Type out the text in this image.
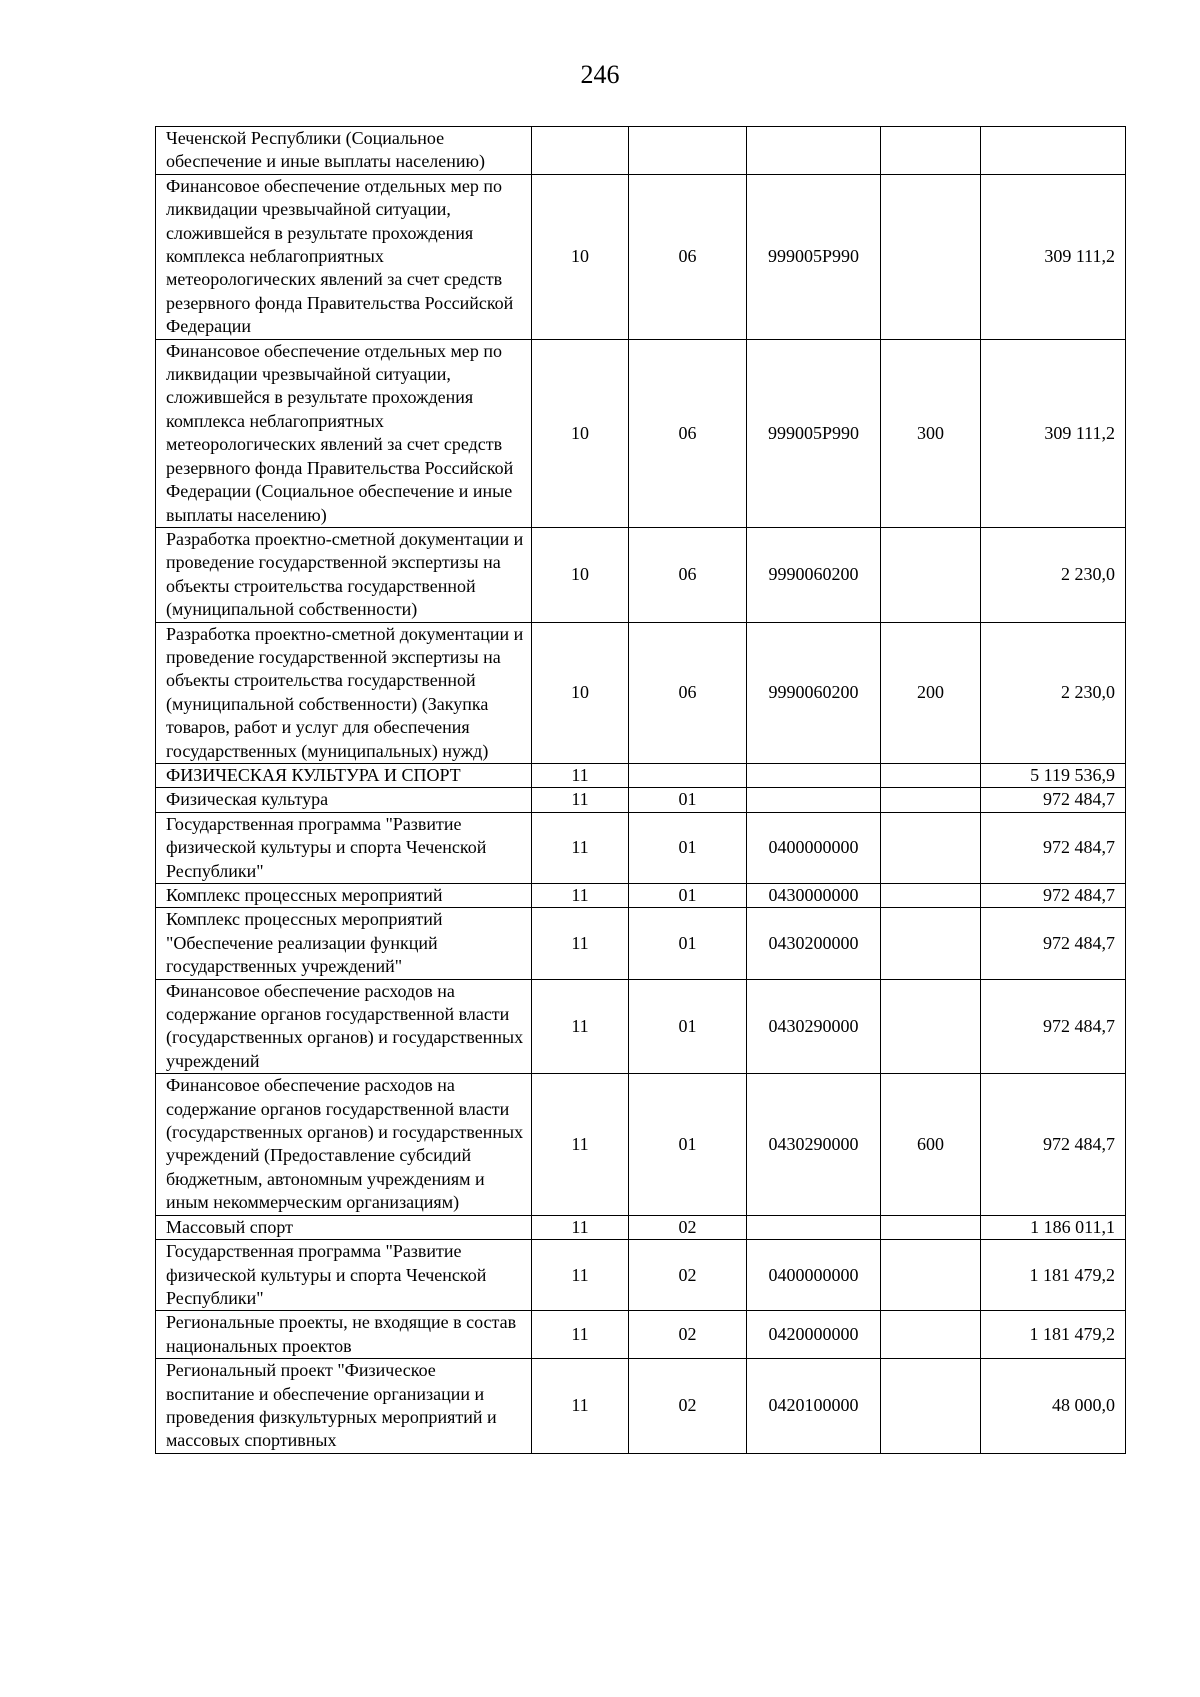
246
Чеченской Республики (Социальное обеспечение и иные выплаты населению)					
Финансовое обеспечение отдельных мер по ликвидации чрезвычайной ситуации, сложившейся в результате прохождения комплекса неблагоприятных метеорологических явлений за счет средств резервного фонда Правительства Российской Федерации	10	06	999005Р990		309 111,2
Финансовое обеспечение отдельных мер по ликвидации чрезвычайной ситуации, сложившейся в результате прохождения комплекса неблагоприятных метеорологических явлений за счет средств резервного фонда Правительства Российской Федерации (Социальное обеспечение и иные выплаты населению)	10	06	999005Р990	300	309 111,2
Разработка проектно-сметной документации и проведение государственной экспертизы на объекты строительства государственной (муниципальной собственности)	10	06	9990060200		2 230,0
Разработка проектно-сметной документации и проведение государственной экспертизы на объекты строительства государственной (муниципальной собственности) (Закупка товаров, работ и услуг для обеспечения государственных (муниципальных) нужд)	10	06	9990060200	200	2 230,0
ФИЗИЧЕСКАЯ КУЛЬТУРА И СПОРТ	11				5 119 536,9
Физическая культура	11	01			972 484,7
Государственная программа "Развитие физической культуры и спорта Чеченской Республики"	11	01	0400000000		972 484,7
Комплекс процессных мероприятий	11	01	0430000000		972 484,7
Комплекс процессных мероприятий "Обеспечение реализации функций государственных учреждений"	11	01	0430200000		972 484,7
Финансовое обеспечение расходов на содержание органов государственной власти (государственных органов) и государственных учреждений	11	01	0430290000		972 484,7
Финансовое обеспечение расходов на содержание органов государственной власти (государственных органов) и государственных учреждений (Предоставление субсидий бюджетным, автономным учреждениям и иным некоммерческим организациям)	11	01	0430290000	600	972 484,7
Массовый спорт	11	02			1 186 011,1
Государственная программа "Развитие физической культуры и спорта Чеченской Республики"	11	02	0400000000		1 181 479,2
Региональные проекты, не входящие в состав национальных проектов	11	02	0420000000		1 181 479,2
Региональный проект "Физическое воспитание и обеспечение организации и проведения физкультурных мероприятий и массовых спортивных	11	02	0420100000		48 000,0
